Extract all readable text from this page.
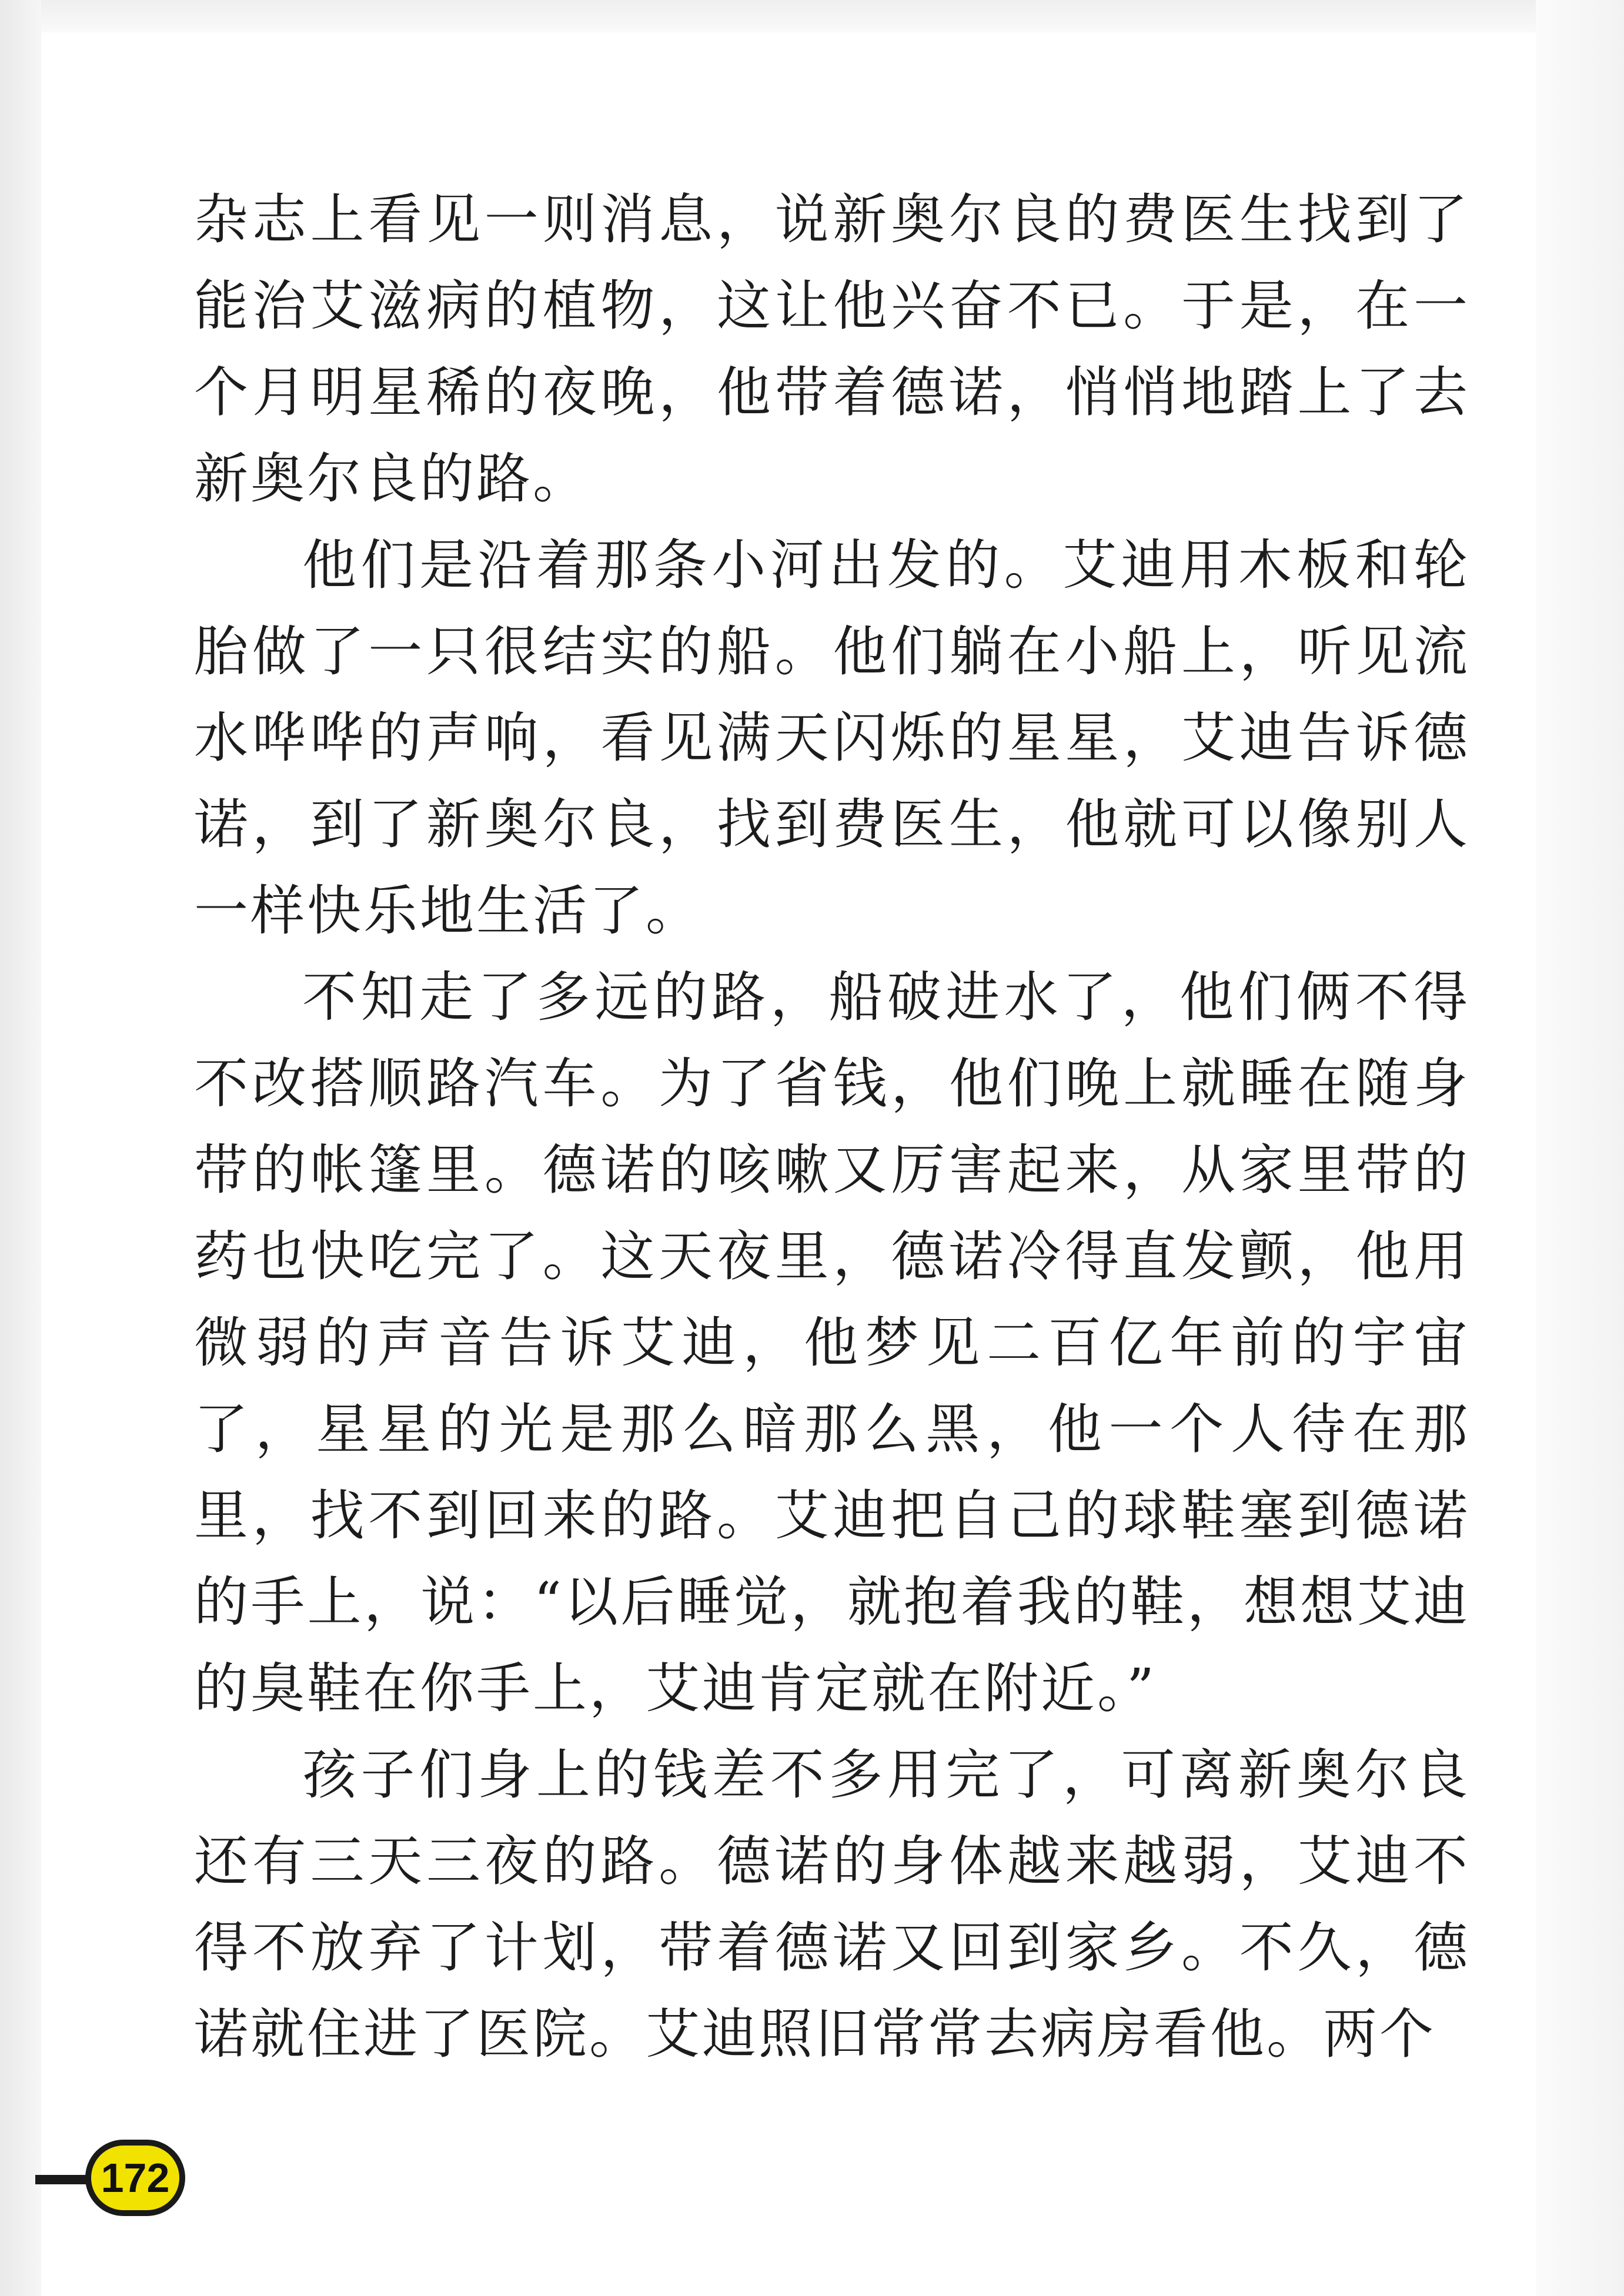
杂志上看见一则消息，说新奥尔良的费医生找到了能治艾滋病的植物，这让他兴奋不已。于是，在一个月明星稀的夜晚，他带着德诺，悄悄地踏上了去新奥尔良的路。

他们是沿着那条小河出发的。艾迪用木板和轮胎做了一只很结实的船。他们躺在小船上，听见流水哗哗的声响，看见满天闪烁的星星，艾迪告诉德诺，到了新奥尔良，找到费医生，他就可以像别人一样快乐地生活了。

不知走了多远的路，船破进水了，他们俩不得不改搭顺路汽车。为了省钱，他们晚上就睡在随身带的帐篷里。德诺的咳嗽又厉害起来，从家里带的药也快吃完了。这天夜里，德诺冷得直发颤，他用微弱的声音告诉艾迪，他梦见二百亿年前的宇宙了，星星的光是那么暗那么黑，他一个人待在那里，找不到回来的路。艾迪把自己的球鞋塞到德诺的手上，说：“以后睡觉，就抱着我的鞋，想想艾迪的臭鞋在你手上，艾迪肯定就在附近。”

孩子们身上的钱差不多用完了，可离新奥尔良还有三天三夜的路。德诺的身体越来越弱，艾迪不得不放弃了计划，带着德诺又回到家乡。不久，德诺就住进了医院。艾迪照旧常常去病房看他。两个

172
